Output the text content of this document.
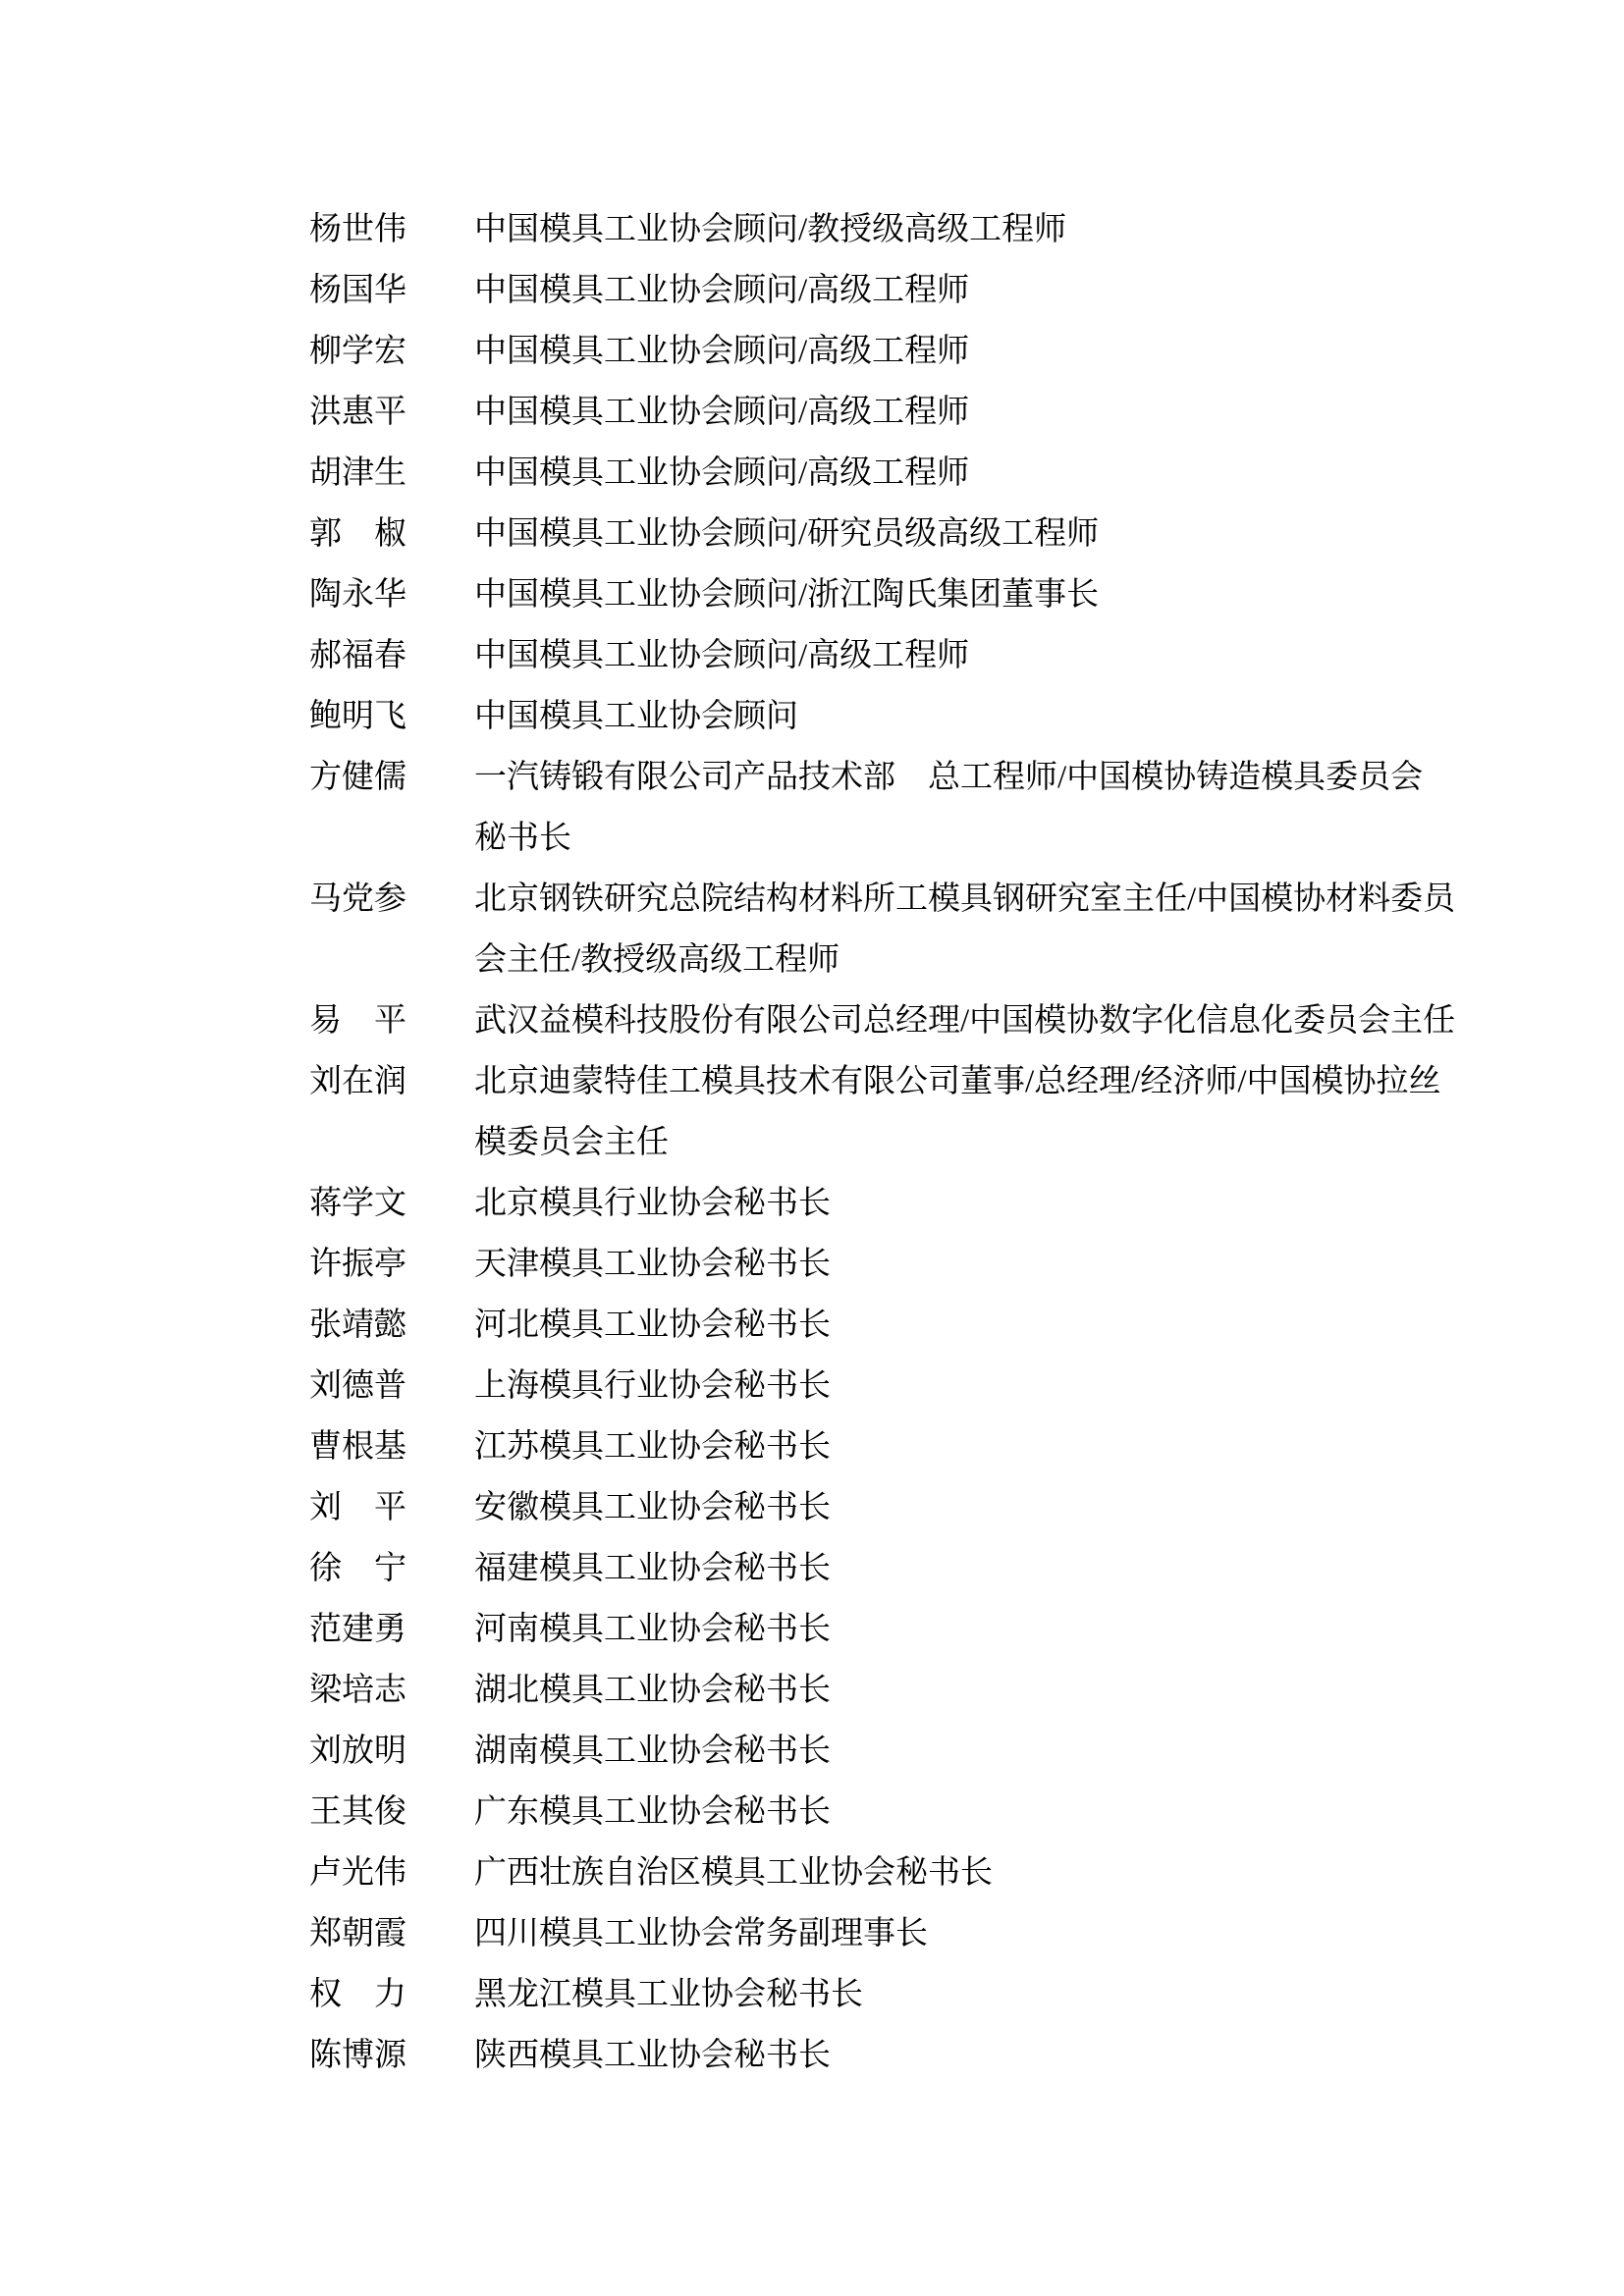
杨世伟	中国模具工业协会顾问/教授级高级工程师
杨国华	中国模具工业协会顾问/高级工程师
柳学宏	中国模具工业协会顾问/高级工程师
洪惠平	中国模具工业协会顾问/高级工程师
胡津生	中国模具工业协会顾问/高级工程师
郭　椒	中国模具工业协会顾问/研究员级高级工程师
陶永华	中国模具工业协会顾问/浙江陶氏集团董事长
郝福春	中国模具工业协会顾问/高级工程师
鲍明飞	中国模具工业协会顾问
方健儒	一汽铸锻有限公司产品技术部　总工程师/中国模协铸造模具委员会
秘书长
马党参	北京钢铁研究总院结构材料所工模具钢研究室主任/中国模协材料委员
会主任/教授级高级工程师
易　平	武汉益模科技股份有限公司总经理/中国模协数字化信息化委员会主任
刘在润	北京迪蒙特佳工模具技术有限公司董事/总经理/经济师/中国模协拉丝
模委员会主任
蒋学文	北京模具行业协会秘书长
许振亭	天津模具工业协会秘书长
张靖懿	河北模具工业协会秘书长
刘德普	上海模具行业协会秘书长
曹根基	江苏模具工业协会秘书长
刘　平	安徽模具工业协会秘书长
徐　宁	福建模具工业协会秘书长
范建勇	河南模具工业协会秘书长
梁培志	湖北模具工业协会秘书长
刘放明	湖南模具工业协会秘书长
王其俊	广东模具工业协会秘书长
卢光伟	广西壮族自治区模具工业协会秘书长
郑朝霞	四川模具工业协会常务副理事长
权　力	黑龙江模具工业协会秘书长
陈博源	陕西模具工业协会秘书长
